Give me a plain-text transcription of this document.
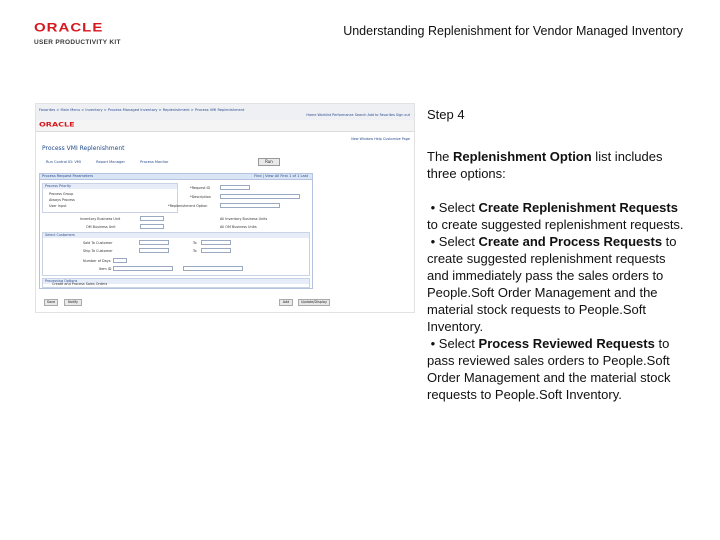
ORACLE
USER PRODUCTIVITY KIT
Understanding Replenishment for Vendor Managed Inventory
Favorites > Main Menu > Inventory > Process Managed Inventory > Replenishment > Process VMI Replenishment
Home Worklist Performance Search Add to Favorites Sign out
ORACLE
New Window Help Customize Page
Process VMI Replenishment
Run Control ID: VMI	Report Manager	Process Monitor	Run
Process Request Parameters	Find | View All First 1 of 1 Last
Process Priority
Process Group
Always Process
User Input
*Request ID
*Description
*Replenishment Option
Inventory Business Unit	All Inventory Business Units
OM Business Unit	All OM Business Units
Select Customers
Sold To Customer	To
Ship To Customer	To
Number of Days
Item ID
Processing Options
Create and Process Sales Orders
Save	Notify	Add	Update/Display
Step 4

The Replenishment Option list includes three options:

• Select Create Replenishment Requests to create suggested replenishment requests.

• Select Create and Process Requests to create suggested replenishment requests and immediately pass the sales orders to People.Soft Order Management and the material stock requests to People.Soft Inventory.

• Select Process Reviewed Requests to pass reviewed sales orders to People.Soft Order Management and the material stock requests to People.Soft Inventory.
